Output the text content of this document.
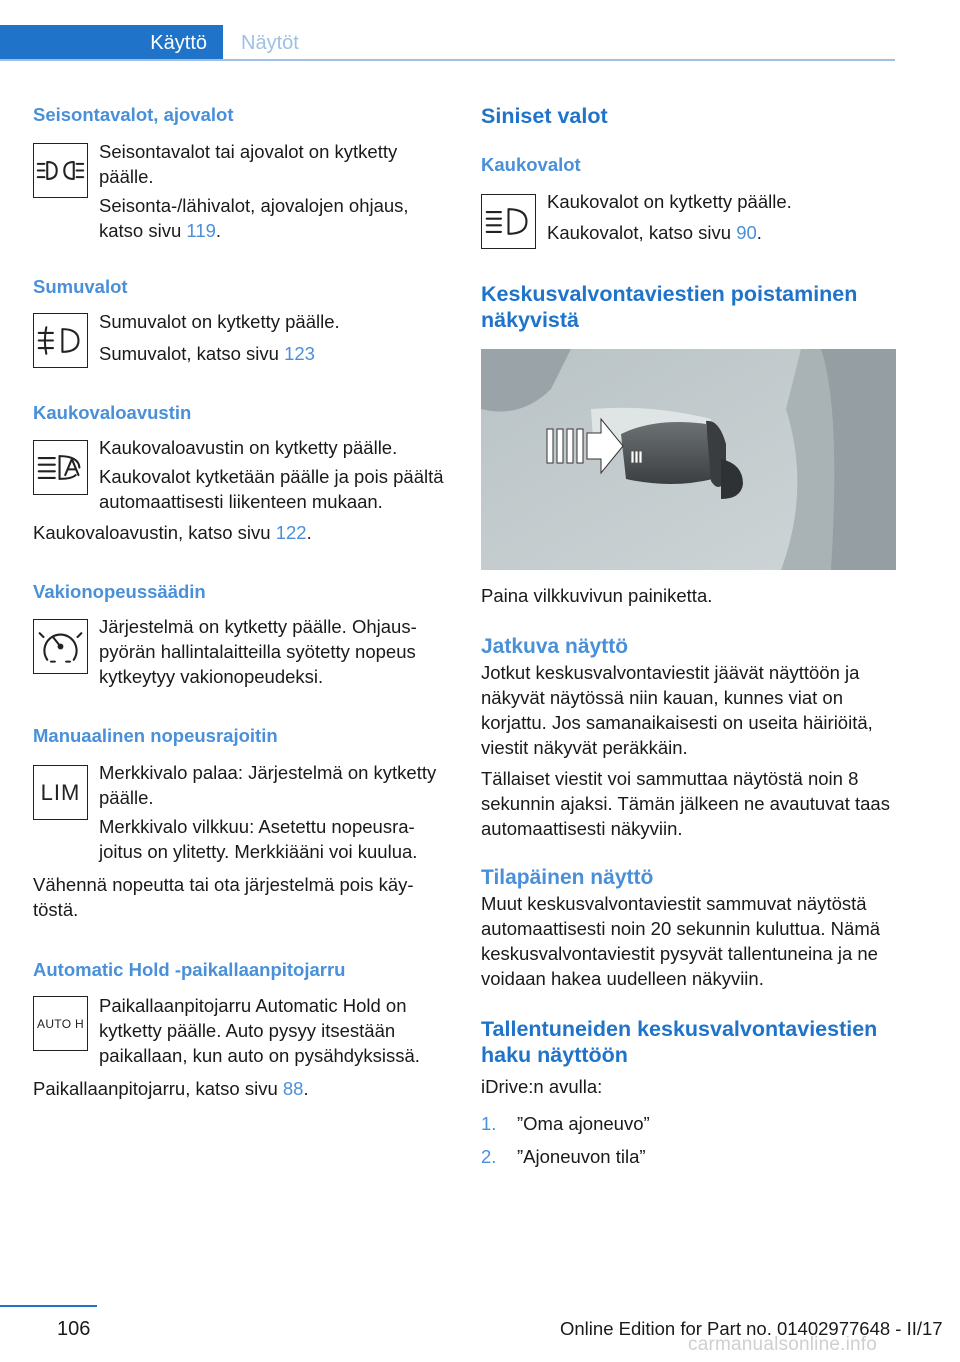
Käyttö	Näytöt
Seisontavalot, ajovalot

Seisontavalot tai ajovalot on kytketty päälle.

Seisonta-/lähivalot, ajovalojen ohjaus, katso sivu 119.

Sumuvalot

Sumuvalot on kytketty päälle.

Sumuvalot, katso sivu 123

Kaukovaloavustin

Kaukovaloavustin on kytketty päälle.

Kaukovalot kytketään päälle ja pois päältä automaattisesti liikenteen mukaan.

Kaukovaloavustin, katso sivu 122.

Vakionopeussäädin

Järjestelmä on kytketty päälle. Ohjauspyörän hallintalaitteilla syötetty nopeus kytkeytyy vakionopeudeksi.

Manuaalinen nopeusrajoitin
LIM

Merkkivalo palaa: Järjestelmä on kytketty päälle.

Merkkivalo vilkkuu: Asetettu nopeusrajoitus on ylitetty. Merkkiääni voi kuulua.

Vähennä nopeutta tai ota järjestelmä pois käytöstä.

Automatic Hold -paikallaanpitojarru
AUTO H

Paikallaanpitojarru Automatic Hold on kytketty päälle. Auto pysyy itsestään paikallaan, kun auto on pysähdyksissä.

Paikallaanpitojarru, katso sivu 88.

Siniset valot
Kaukovalot

Kaukovalot on kytketty päälle.

Kaukovalot, katso sivu 90.

Keskusvalvontaviestien poistaminen näkyvistä

Paina vilkkuvivun painiketta.

Jatkuva näyttö

Jotkut keskusvalvontaviestit jäävät näyttöön ja näkyvät näytössä niin kauan, kunnes viat on korjattu. Jos samanaikaisesti on useita häiriöitä, viestit näkyvät peräkkäin.

Tällaiset viestit voi sammuttaa näytöstä noin 8 sekunnin ajaksi. Tämän jälkeen ne avautuvat taas automaattisesti näkyviin.

Tilapäinen näyttö

Muut keskusvalvontaviestit sammuvat näytöstä automaattisesti noin 20 sekunnin kuluttua. Nämä keskusvalvontaviestit pysyvät tallentuneina ja ne voidaan hakea uudelleen näkyviin.

Tallentuneiden keskusvalvontaviestien haku näyttöön

iDrive:n avulla:

1. ”Oma ajoneuvo”
2. ”Ajoneuvon tila”
106	Online Edition for Part no. 01402977648 - II/17
carmanualsonline.info
